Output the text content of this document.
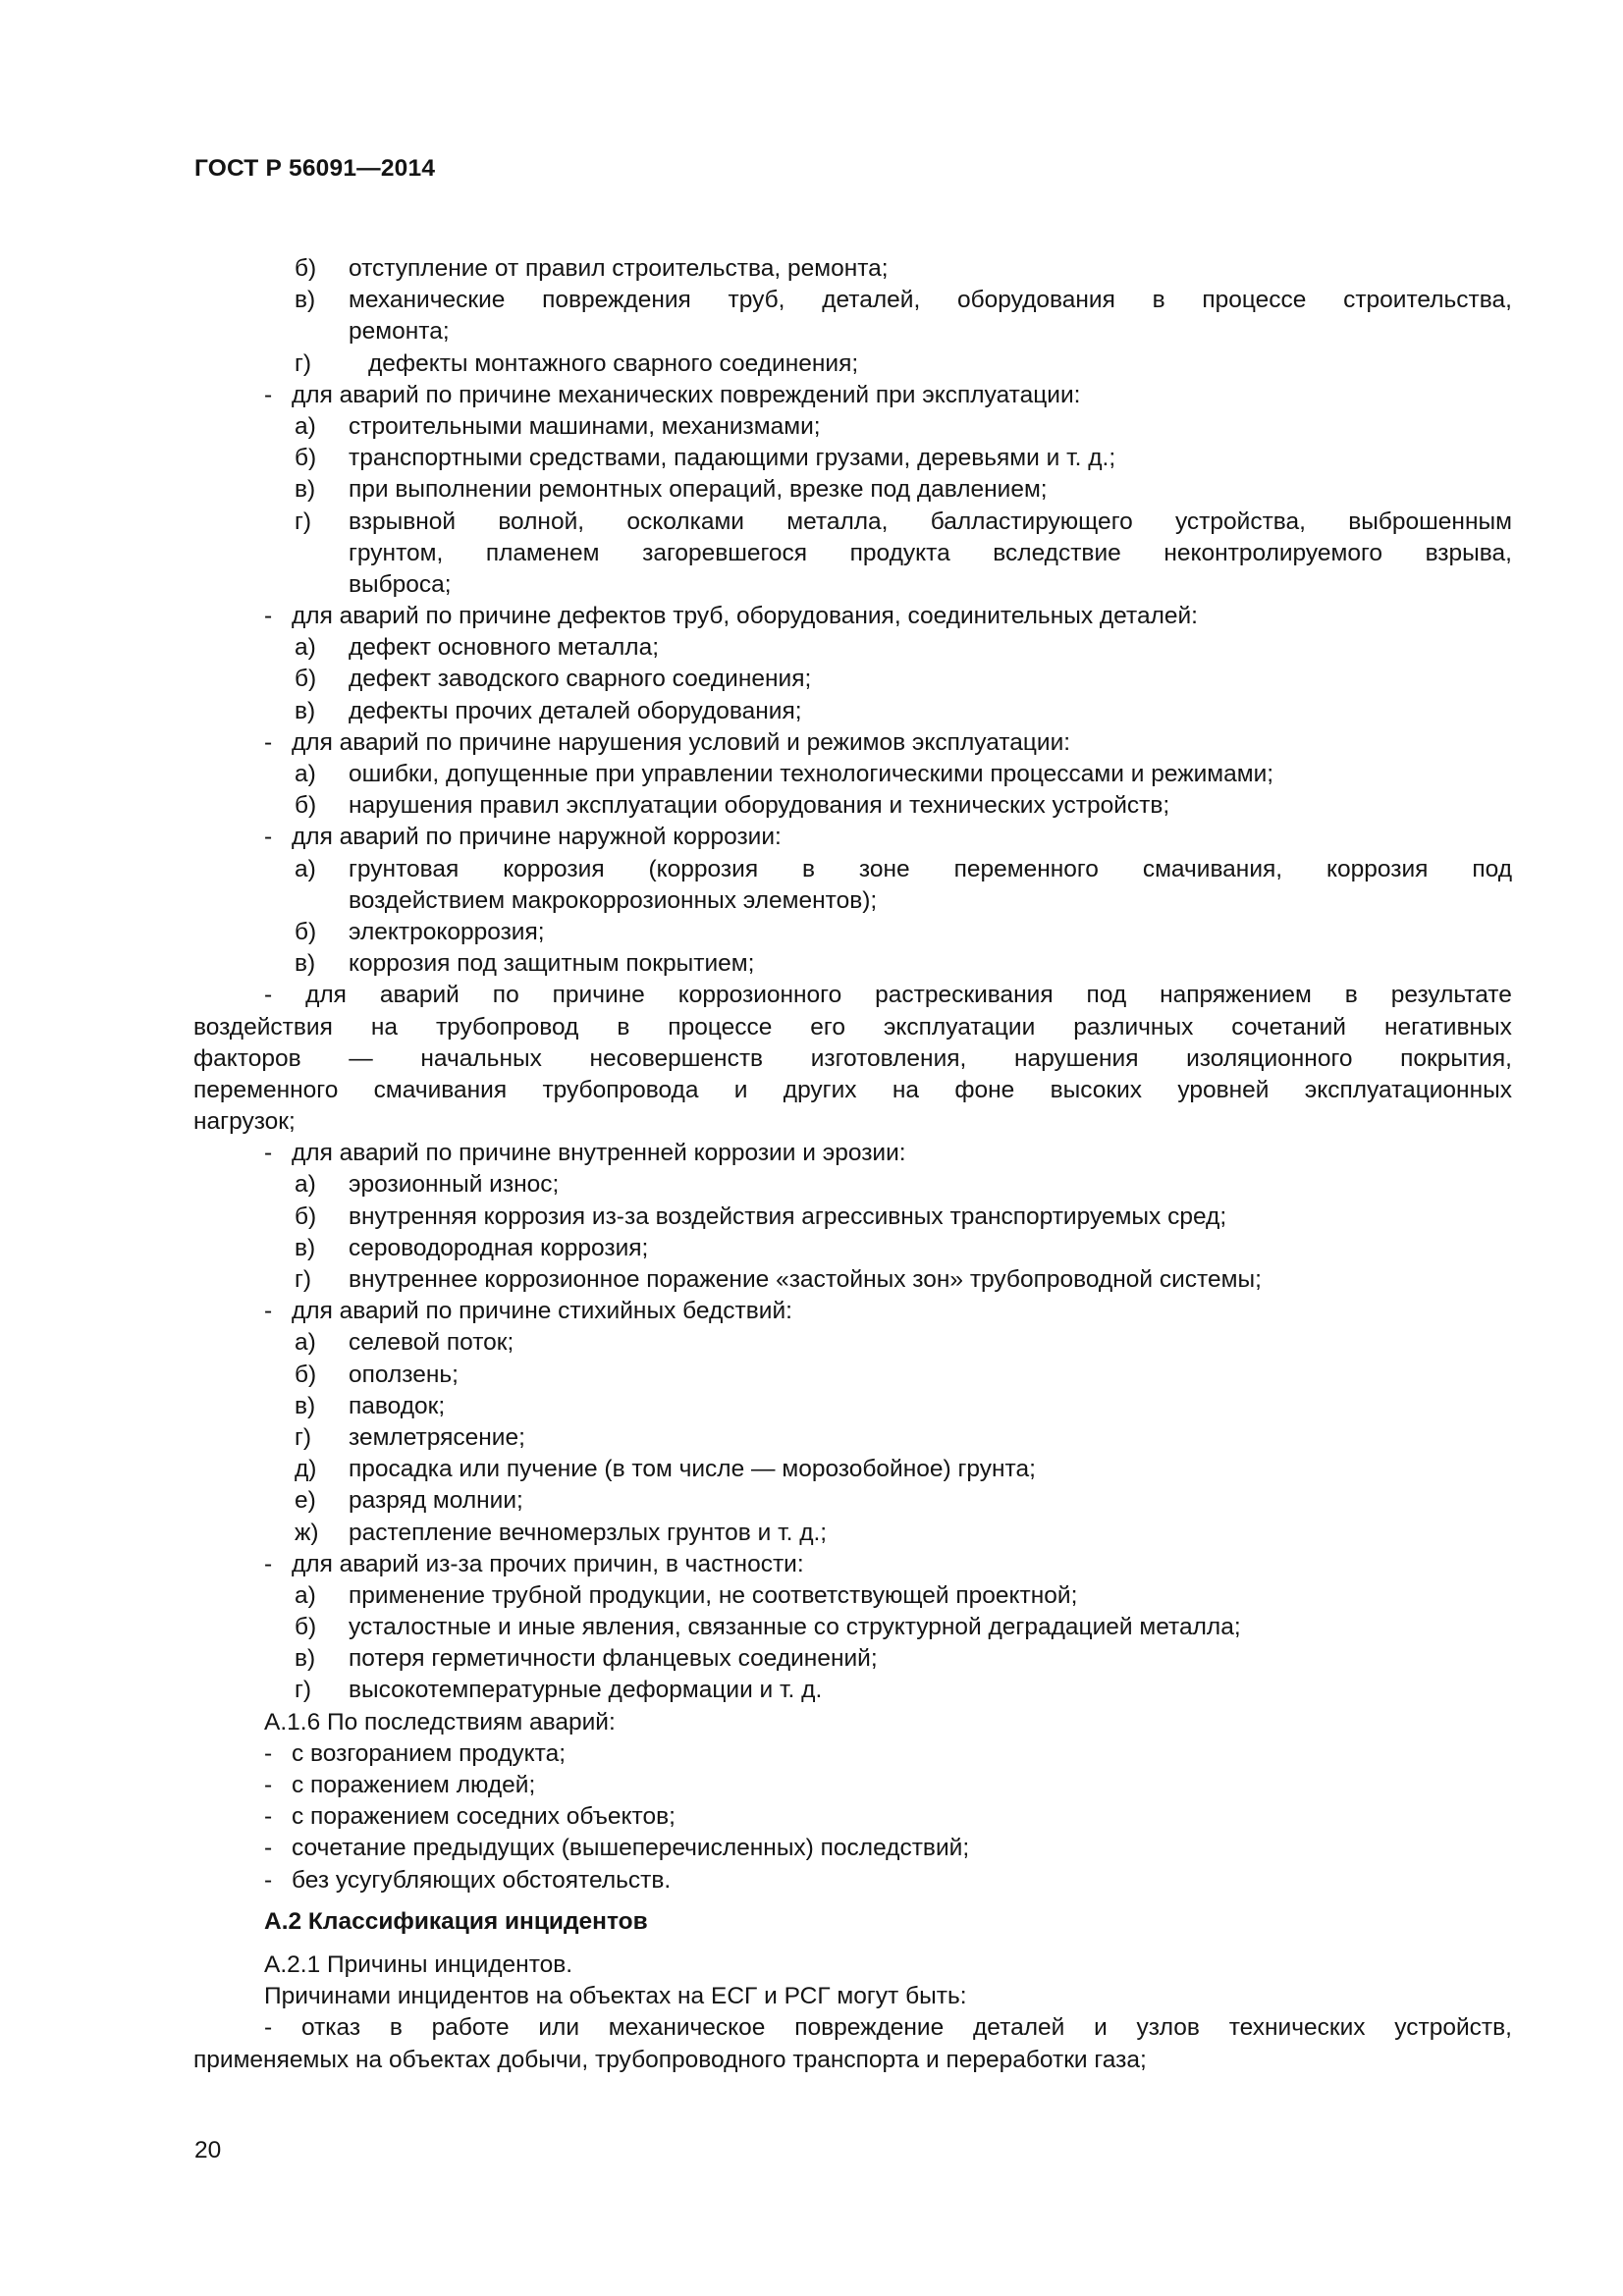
ГОСТ Р 56091—2014
б) отступление от правил строительства, ремонта;
в) механические повреждения труб, деталей, оборудования в процессе строительства,
ремонта;
г) дефекты монтажного сварного соединения;
- для аварий по причине механических повреждений при эксплуатации:
а) строительными машинами, механизмами;
б) транспортными средствами, падающими грузами, деревьями и т. д.;
в) при выполнении ремонтных операций, врезке под давлением;
г) взрывной волной, осколками металла, балластирующего устройства, выброшенным
грунтом, пламенем загоревшегося продукта вследствие неконтролируемого взрыва,
выброса;
- для аварий по причине дефектов труб, оборудования, соединительных деталей:
а) дефект основного металла;
б) дефект заводского сварного соединения;
в) дефекты прочих деталей оборудования;
- для аварий по причине нарушения условий и режимов эксплуатации:
а) ошибки, допущенные при управлении технологическими процессами и режимами;
б) нарушения правил эксплуатации оборудования и технических устройств;
- для аварий по причине наружной коррозии:
а) грунтовая коррозия (коррозия в зоне переменного смачивания, коррозия под
воздействием макрокоррозионных элементов);
б) электрокоррозия;
в) коррозия под защитным покрытием;
- для аварий по причине коррозионного растрескивания под напряжением в результате
воздействия на трубопровод в процессе его эксплуатации различных сочетаний негативных
факторов — начальных несовершенств изготовления, нарушения изоляционного покрытия,
переменного смачивания трубопровода и других на фоне высоких уровней эксплуатационных
нагрузок;
- для аварий по причине внутренней коррозии и эрозии:
а) эрозионный износ;
б) внутренняя коррозия из-за воздействия агрессивных транспортируемых сред;
в) сероводородная коррозия;
г) внутреннее коррозионное поражение «застойных зон» трубопроводной системы;
- для аварий по причине стихийных бедствий:
а) селевой поток;
б) оползень;
в) паводок;
г) землетрясение;
д) просадка или пучение (в том числе — морозобойное) грунта;
е) разряд молнии;
ж) растепление вечномерзлых грунтов и т. д.;
- для аварий из-за прочих причин, в частности:
а) применение трубной продукции, не соответствующей проектной;
б) усталостные и иные явления, связанные со структурной деградацией металла;
в) потеря герметичности фланцевых соединений;
г) высокотемпературные деформации и т. д.
А.1.6 По последствиям аварий:
- с возгоранием продукта;
- с поражением людей;
- с поражением соседних объектов;
- сочетание предыдущих (вышеперечисленных) последствий;
- без усугубляющих обстоятельств.
А.2 Классификация инцидентов
А.2.1 Причины инцидентов.
Причинами инцидентов на объектах на ЕСГ и РСГ могут быть:
- отказ в работе или механическое повреждение деталей и узлов технических устройств,
применяемых на объектах добычи, трубопроводного транспорта и переработки газа;
20
